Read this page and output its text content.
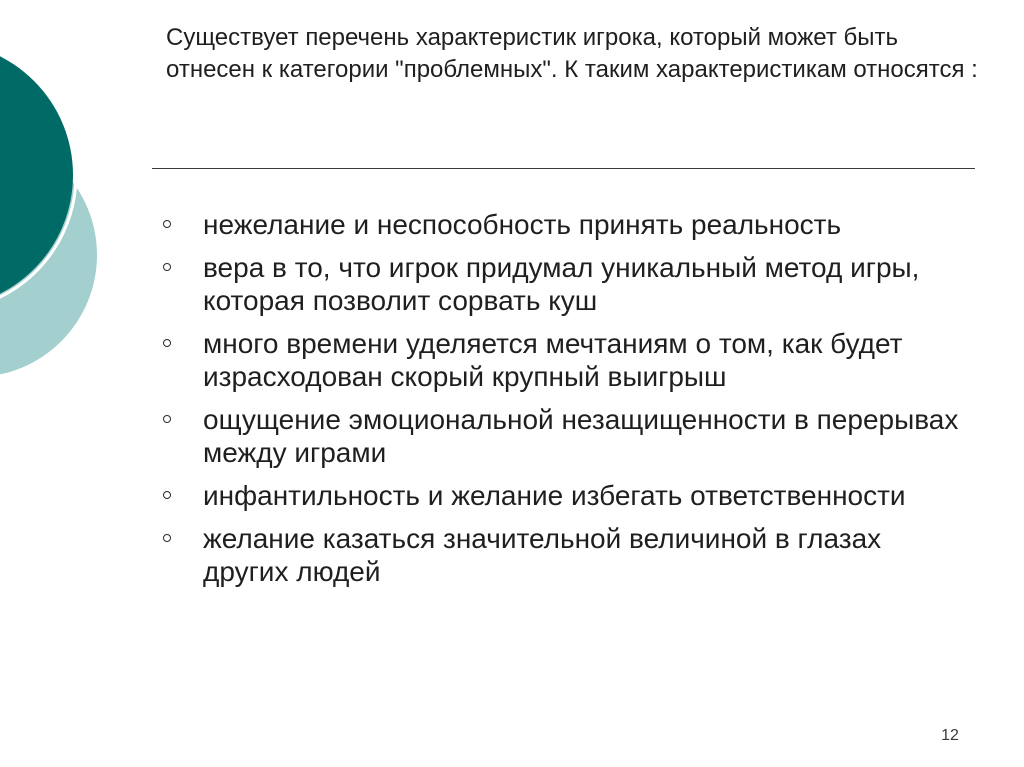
Существует перечень характеристик игрока, который может быть отнесен к категории "проблемных". К таким характеристикам относятся :
нежелание и неспособность принять реальность
вера в то, что игрок придумал уникальный метод игры, которая позволит сорвать куш
много времени уделяется мечтаниям о том, как будет израсходован скорый крупный выигрыш
ощущение эмоциональной незащищенности в перерывах между играми
инфантильность и желание избегать ответственности
желание казаться значительной величиной в глазах других людей
12
